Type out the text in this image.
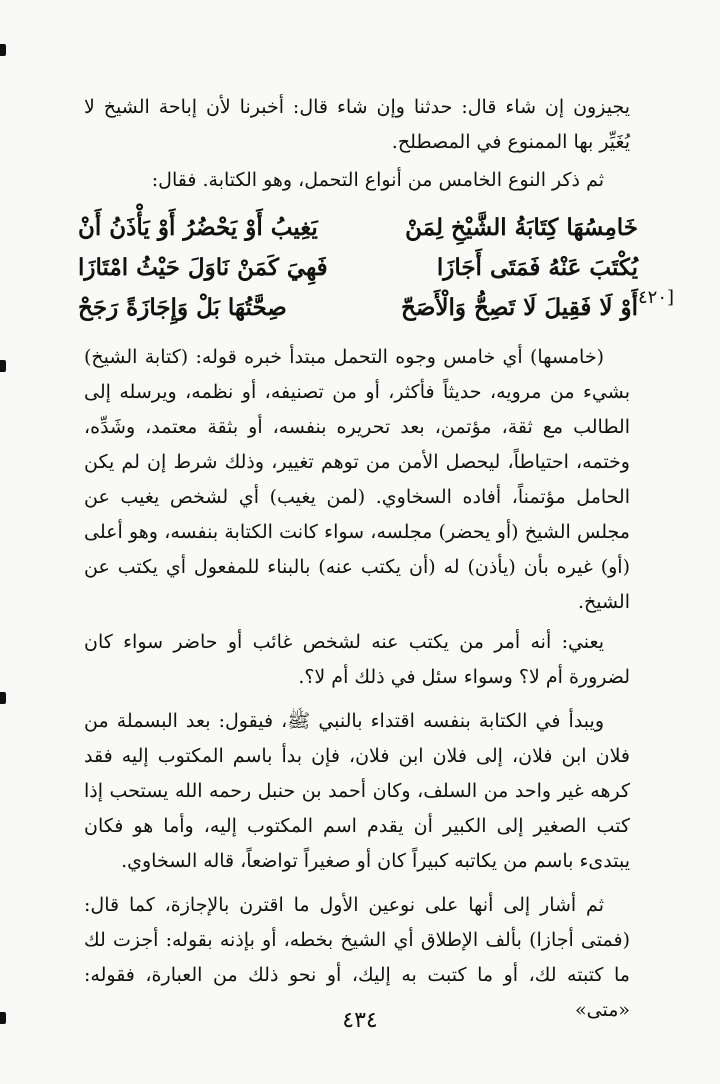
يجيزون إن شاء قال: حدثنا وإن شاء قال: أخبرنا لأن إباحة الشيخ لا يُغَيِّر بها الممنوع في المصطلح.

ثم ذكر النوع الخامس من أنواع التحمل، وهو الكتابة. فقال:

خَامِسُهَا كِتَابَةُ الشَّيْخِ لِمَنْ
يَغِيبُ أَوْ يَحْضُرُ أَوْ يَأْذَنُ أَنْ
يُكْتَبَ عَنْهُ فَمَتَى أَجَازَا
فَهِيَ كَمَنْ نَاوَلَ حَيْثُ امْتَازَا
أَوْ لَا فَقِيلَ لَا تَصِحُّ وَالْأَصَحّ
صِحَّتُهَا بَلْ وَإِجَازَةً رَجَحْ	[٤٢٠

(خامسها) أي خامس وجوه التحمل مبتدأ خبره قوله: (كتابة الشيخ) بشيء من مرويه، حديثاً فأكثر، أو من تصنيفه، أو نظمه، ويرسله إلى الطالب مع ثقة، مؤتمن، بعد تحريره بنفسه، أو بثقة معتمد، وشَدِّه، وختمه، احتياطاً، ليحصل الأمن من توهم تغيير، وذلك شرط إن لم يكن الحامل مؤتمناً، أفاده السخاوي. (لمن يغيب) أي لشخص يغيب عن مجلس الشيخ (أو يحضر) مجلسه، سواء كانت الكتابة بنفسه، وهو أعلى (أو) غيره بأن (يأذن) له (أن يكتب عنه) بالبناء للمفعول أي يكتب عن الشيخ.

يعني: أنه أمر من يكتب عنه لشخص غائب أو حاضر سواء كان لضرورة أم لا؟ وسواء سئل في ذلك أم لا؟.

ويبدأ في الكتابة بنفسه اقتداء بالنبي ﷺ، فيقول: بعد البسملة من فلان ابن فلان، إلى فلان ابن فلان، فإن بدأ باسم المكتوب إليه فقد كرهه غير واحد من السلف، وكان أحمد بن حنبل رحمه الله يستحب إذا كتب الصغير إلى الكبير أن يقدم اسم المكتوب إليه، وأما هو فكان يبتدىء باسم من يكاتبه كبيراً كان أو صغيراً تواضعاً، قاله السخاوي.

ثم أشار إلى أنها على نوعين الأول ما اقترن بالإجازة، كما قال: (فمتى أجازا) بألف الإطلاق أي الشيخ بخطه، أو بإذنه بقوله: أجزت لك ما كتبته لك، أو ما كتبت به إليك، أو نحو ذلك من العبارة، فقوله: «متى»

٤٣٤
